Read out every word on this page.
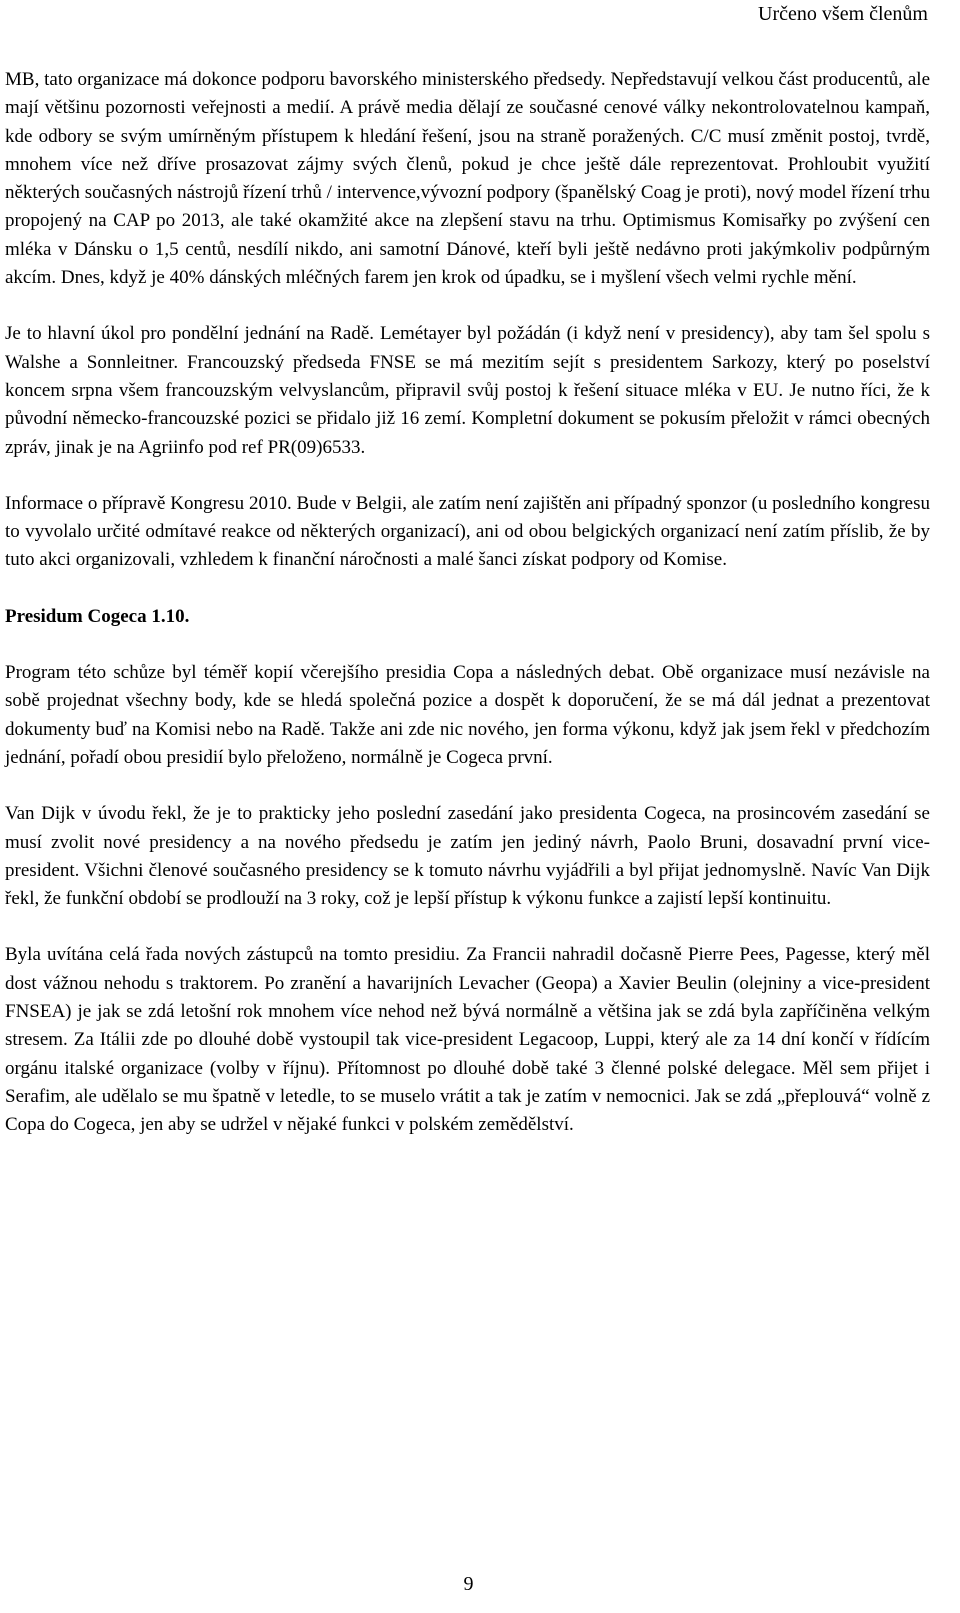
Určeno všem členům

MB, tato organizace má dokonce podporu bavorského ministerského předsedy. Nepředstavují velkou část producentů, ale mají většinu pozornosti veřejnosti a medií. A právě media dělají ze současné cenové války nekontrolovatelnou kampaň, kde odbory se svým umírněným přístupem k hledání řešení, jsou na straně poražených. C/C musí změnit postoj, tvrdě, mnohem více než dříve prosazovat zájmy svých členů, pokud je chce ještě dále reprezentovat. Prohloubit využití některých současných nástrojů řízení trhů / intervence,vývozní podpory (španělský Coag je proti), nový model řízení trhu propojený na CAP po 2013, ale také okamžité akce na zlepšení stavu na trhu. Optimismus Komisařky po zvýšení cen mléka v Dánsku o 1,5 centů, nesdílí nikdo, ani samotní Dánové, kteří byli ještě nedávno proti jakýmkoliv podpůrným akcím. Dnes, když je 40% dánských mléčných farem jen krok od úpadku, se i myšlení všech velmi rychle mění.

Je to hlavní úkol pro pondělní jednání na Radě. Lemétayer byl požádán (i když není v presidency), aby tam šel spolu s Walshe a Sonnleitner. Francouzský předseda FNSE se má mezitím sejít s presidentem Sarkozy, který po poselství koncem srpna všem francouzským velvyslancům, připravil svůj postoj k řešení situace mléka v EU. Je nutno říci, že k původní německo-francouzské pozici se přidalo již 16 zemí. Kompletní dokument se pokusím přeložit v rámci obecných zpráv, jinak je na Agriinfo pod ref PR(09)6533.

Informace o přípravě Kongresu 2010. Bude v Belgii, ale zatím není zajištěn ani případný sponzor (u posledního kongresu to vyvolalo určité odmítavé reakce od některých organizací), ani od obou belgických organizací není zatím příslib, že by tuto akci organizovali, vzhledem k finanční náročnosti a malé šanci získat podpory od Komise.

Presidum Cogeca 1.10.

Program této schůze byl téměř kopií včerejšího presidia Copa a následných debat. Obě organizace musí nezávisle na sobě projednat všechny body, kde se hledá společná pozice a dospět k doporučení, že se má dál jednat a prezentovat dokumenty buď na Komisi nebo na Radě. Takže ani zde nic nového, jen forma výkonu, když jak jsem řekl v předchozím jednání, pořadí obou presidií bylo přeloženo, normálně je Cogeca první.

Van Dijk v úvodu řekl, že je to prakticky jeho poslední zasedání jako presidenta Cogeca, na prosincovém zasedání se musí zvolit nové presidency a na nového předsedu je zatím jen jediný návrh, Paolo Bruni, dosavadní první vice-president. Všichni členové současného presidency se k tomuto návrhu vyjádřili a byl přijat jednomyslně. Navíc Van Dijk řekl, že funkční období se prodlouží na 3 roky, což je lepší přístup k výkonu funkce a zajistí lepší kontinuitu.

Byla uvítána celá řada nových zástupců na tomto presidiu. Za Francii nahradil dočasně Pierre Pees, Pagesse, který měl dost vážnou nehodu s traktorem. Po zranění a havarijních Levacher (Geopa) a Xavier Beulin (olejniny a vice-president FNSEA) je jak se zdá letošní rok mnohem více nehod než bývá normálně a většina jak se zdá byla zapříčiněna velkým stresem. Za Itálii zde po dlouhé době vystoupil tak vice-president Legacoop, Luppi, který ale za 14 dní končí v řídícím orgánu italské organizace (volby v říjnu). Přítomnost po dlouhé době také 3 členné polské delegace. Měl sem přijet i Serafim, ale udělalo se mu špatně v letedle, to se muselo vrátit a tak je zatím v nemocnici. Jak se zdá „přeplouvá“ volně z Copa do Cogeca, jen aby se udržel v nějaké funkci v polském zemědělství.

9
